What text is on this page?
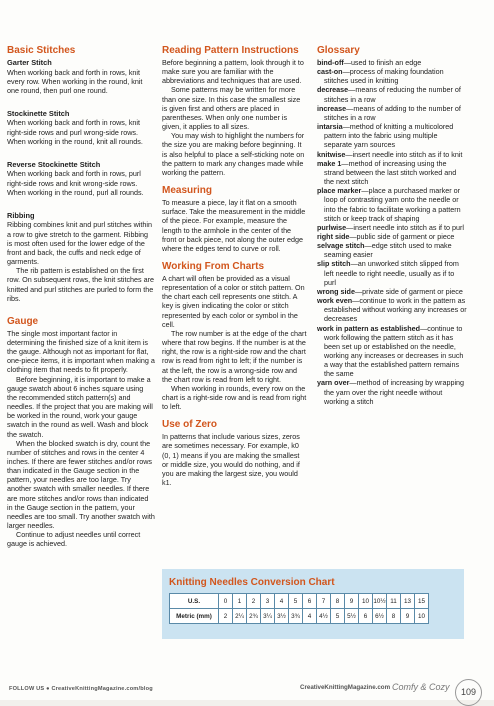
Basic Stitches
Garter Stitch

When working back and forth in rows, knit every row. When working in the round, knit one round, then purl one round.

Stockinette Stitch

When working back and forth in rows, knit right-side rows and purl wrong-side rows. When working in the round, knit all rounds.

Reverse Stockinette Stitch

When working back and forth in rows, purl right-side rows and knit wrong-side rows. When working in the round, purl all rounds.

Ribbing

Ribbing combines knit and purl stitches within a row to give stretch to the garment. Ribbing is most often used for the lower edge of the front and back, the cuffs and neck edge of garments.

The rib pattern is established on the first row. On subsequent rows, the knit stitches are knitted and purl stitches are purled to form the ribs.

Gauge

The single most important factor in determining the finished size of a knit item is the gauge. Although not as important for flat, one-piece items, it is important when making a clothing item that needs to fit properly.

Before beginning, it is important to make a gauge swatch about 6 inches square using the recommended stitch pattern(s) and needles. If the project that you are making will be worked in the round, work your gauge swatch in the round as well. Wash and block the swatch.

When the blocked swatch is dry, count the number of stitches and rows in the center 4 inches. If there are fewer stitches and/or rows than indicated in the Gauge section in the pattern, your needles are too large. Try another swatch with smaller needles. If there are more stitches and/or rows than indicated in the Gauge section in the pattern, your needles are too small. Try another swatch with larger needles.

Continue to adjust needles until correct gauge is achieved.

Reading Pattern Instructions

Before beginning a pattern, look through it to make sure you are familiar with the abbreviations and techniques that are used.

Some patterns may be written for more than one size. In this case the smallest size is given first and others are placed in parentheses. When only one number is given, it applies to all sizes.

You may wish to highlight the numbers for the size you are making before beginning. It is also helpful to place a self-sticking note on the pattern to mark any changes made while working the pattern.

Measuring

To measure a piece, lay it flat on a smooth surface. Take the measurement in the middle of the piece. For example, measure the length to the armhole in the center of the front or back piece, not along the outer edge where the edges tend to curve or roll.

Working From Charts

A chart will often be provided as a visual representation of a color or stitch pattern. On the chart each cell represents one stitch. A key is given indicating the color or stitch represented by each color or symbol in the cell.

The row number is at the edge of the chart where that row begins. If the number is at the right, the row is a right-side row and the chart row is read from right to left; if the number is at the left, the row is a wrong-side row and the chart row is read from left to right.

When working in rounds, every row on the chart is a right-side row and is read from right to left.

Use of Zero

In patterns that include various sizes, zeros are sometimes necessary. For example, k0 (0, 1) means if you are making the smallest or middle size, you would do nothing, and if you are making the largest size, you would k1.

Glossary

bind-off—used to finish an edge

cast-on—process of making foundation stitches used in knitting

decrease—means of reducing the number of stitches in a row

increase—means of adding to the number of stitches in a row

intarsia—method of knitting a multicolored pattern into the fabric using multiple separate yarn sources

knitwise—insert needle into stitch as if to knit

make 1—method of increasing using the strand between the last stitch worked and the next stitch

place marker—place a purchased marker or loop of contrasting yarn onto the needle or into the fabric to facilitate working a pattern stitch or keep track of shaping

purlwise—insert needle into stitch as if to purl

right side—public side of garment or piece

selvage stitch—edge stitch used to make seaming easier

slip stitch—an unworked stitch slipped from left needle to right needle, usually as if to purl

wrong side—private side of garment or piece

work even—continue to work in the pattern as established without working any increases or decreases

work in pattern as established—continue to work following the pattern stitch as it has been set up or established on the needle, working any increases or decreases in such a way that the established pattern remains the same

yarn over—method of increasing by wrapping the yarn over the right needle without working a stitch

Knitting Needles Conversion Chart
U.S.	0	1	2	3	4	5	6	7	8	9	10	10½	11	13	15
Metric (mm)	2	2¼	2¾	3¼	3½	3¾	4	4½	5	5½	6	6½	8	9	10
FOLLOW US ● CreativeKnittingMagazine.com/blog	CreativeKnittingMagazine.com Comfy & Cozy	109
